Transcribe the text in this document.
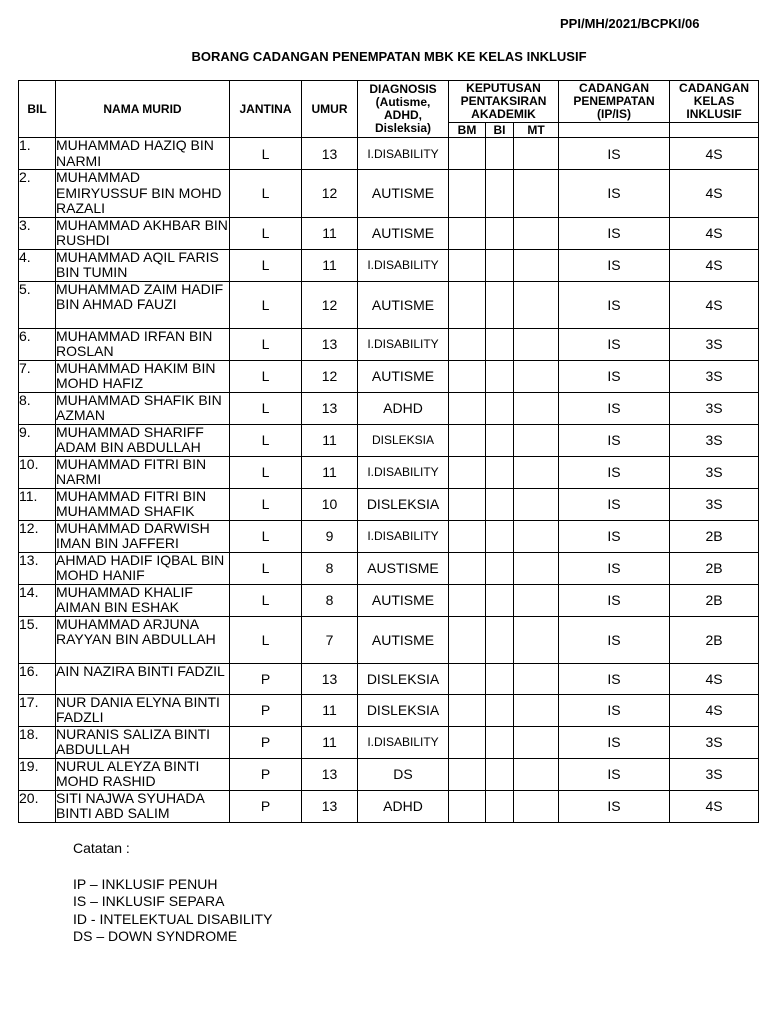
PPI/MH/2021/BCPKI/06
BORANG CADANGAN PENEMPATAN MBK KE KELAS INKLUSIF
BIL	NAMA MURID	JANTINA	UMUR	DIAGNOSIS (Autisme, ADHD, Disleksia)	KEPUTUSAN PENTAKSIRAN AKADEMIK			CADANGAN PENEMPATAN (IP/IS)	CADANGAN KELAS INKLUSIF
					BM	BI	MT		
1.	MUHAMMAD HAZIQ BIN NARMI	L	13	I.DISABILITY				IS	4S
2.	MUHAMMAD EMIRYUSSUF BIN MOHD RAZALI	L	12	AUTISME				IS	4S
3.	MUHAMMAD AKHBAR BIN RUSHDI	L	11	AUTISME				IS	4S
4.	MUHAMMAD AQIL FARIS BIN TUMIN	L	11	I.DISABILITY				IS	4S
5.	MUHAMMAD ZAIM HADIF BIN AHMAD FAUZI	L	12	AUTISME				IS	4S
6.	MUHAMMAD IRFAN BIN ROSLAN	L	13	I.DISABILITY				IS	3S
7.	MUHAMMAD HAKIM BIN MOHD HAFIZ	L	12	AUTISME				IS	3S
8.	MUHAMMAD SHAFIK BIN AZMAN	L	13	ADHD				IS	3S
9.	MUHAMMAD SHARIFF ADAM BIN ABDULLAH	L	11	DISLEKSIA				IS	3S
10.	MUHAMMAD FITRI BIN NARMI	L	11	I.DISABILITY				IS	3S
11.	MUHAMMAD FITRI BIN MUHAMMAD SHAFIK	L	10	DISLEKSIA				IS	3S
12.	MUHAMMAD DARWISH IMAN BIN JAFFERI	L	9	I.DISABILITY				IS	2B
13.	AHMAD HADIF IQBAL BIN MOHD HANIF	L	8	AUSTISME				IS	2B
14.	MUHAMMAD KHALIF AIMAN BIN ESHAK	L	8	AUTISME				IS	2B
15.	MUHAMMAD ARJUNA RAYYAN BIN ABDULLAH	L	7	AUTISME				IS	2B
16.	AIN NAZIRA BINTI FADZIL	P	13	DISLEKSIA				IS	4S
17.	NUR DANIA ELYNA BINTI FADZLI	P	11	DISLEKSIA				IS	4S
18.	NURANIS SALIZA BINTI ABDULLAH	P	11	I.DISABILITY				IS	3S
19.	NURUL ALEYZA BINTI MOHD RASHID	P	13	DS				IS	3S
20.	SITI NAJWA SYUHADA BINTI ABD SALIM	P	13	ADHD				IS	4S
Catatan :
IP – INKLUSIF PENUH
IS – INKLUSIF SEPARA
ID - INTELEKTUAL DISABILITY
DS – DOWN SYNDROME
